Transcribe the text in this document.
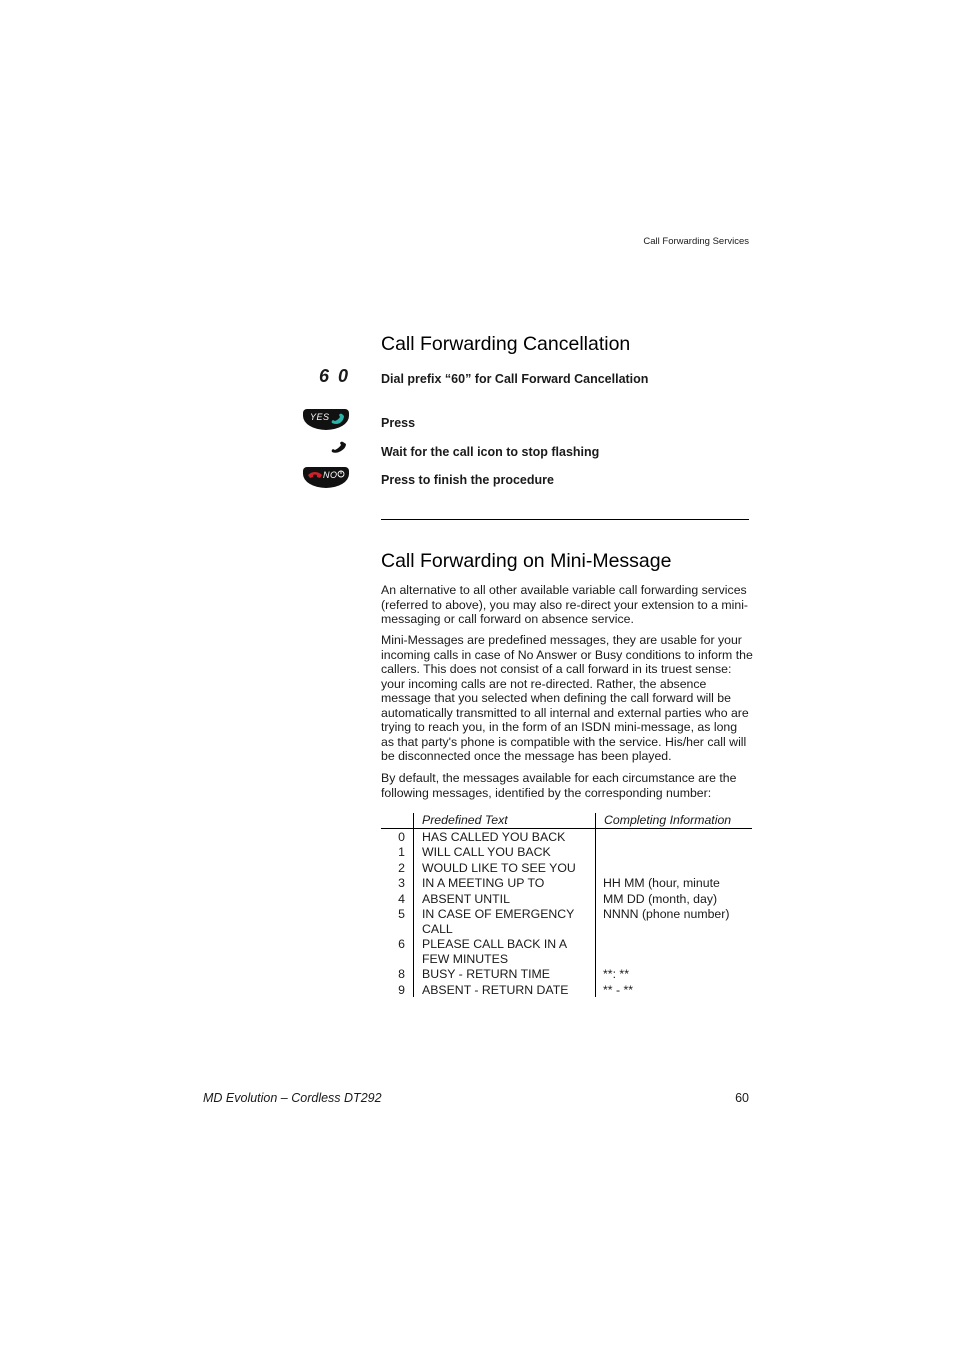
Call Forwarding Services
Call Forwarding Cancellation
6 0 Dial prefix “60” for Call Forward Cancellation
YES	Press
Wait for the call icon to stop flashing
NO	Press to finish the procedure
Call Forwarding on Mini-Message
An alternative to all other available variable call forwarding services (referred to above), you may also re-direct your extension to a mini-messaging or call forward on absence service.
Mini-Messages are predefined messages, they are usable for your incoming calls in case of No Answer or Busy conditions to inform the callers. This does not consist of a call forward in its truest sense: your incoming calls are not re-directed. Rather, the absence message that you selected when defining the call forward will be automatically transmitted to all internal and external parties who are trying to reach you, in the form of an ISDN mini-message, as long as that party's phone is compatible with the service. His/her call will be disconnected once the message has been played.
By default, the messages available for each circumstance are the following messages, identified by the corresponding number:
	Predefined Text	Completing Information
0	HAS CALLED YOU BACK	
1	WILL CALL YOU BACK	
2	WOULD LIKE TO SEE YOU	
3	IN A MEETING UP TO	HH MM (hour, minute
4	ABSENT UNTIL	MM DD (month, day)
5	IN CASE OF EMERGENCY CALL	NNNN (phone number)
6	PLEASE CALL BACK IN A FEW MINUTES	
8	BUSY - RETURN TIME	**: **
9	ABSENT - RETURN DATE	** - **
MD Evolution – Cordless DT292	60
